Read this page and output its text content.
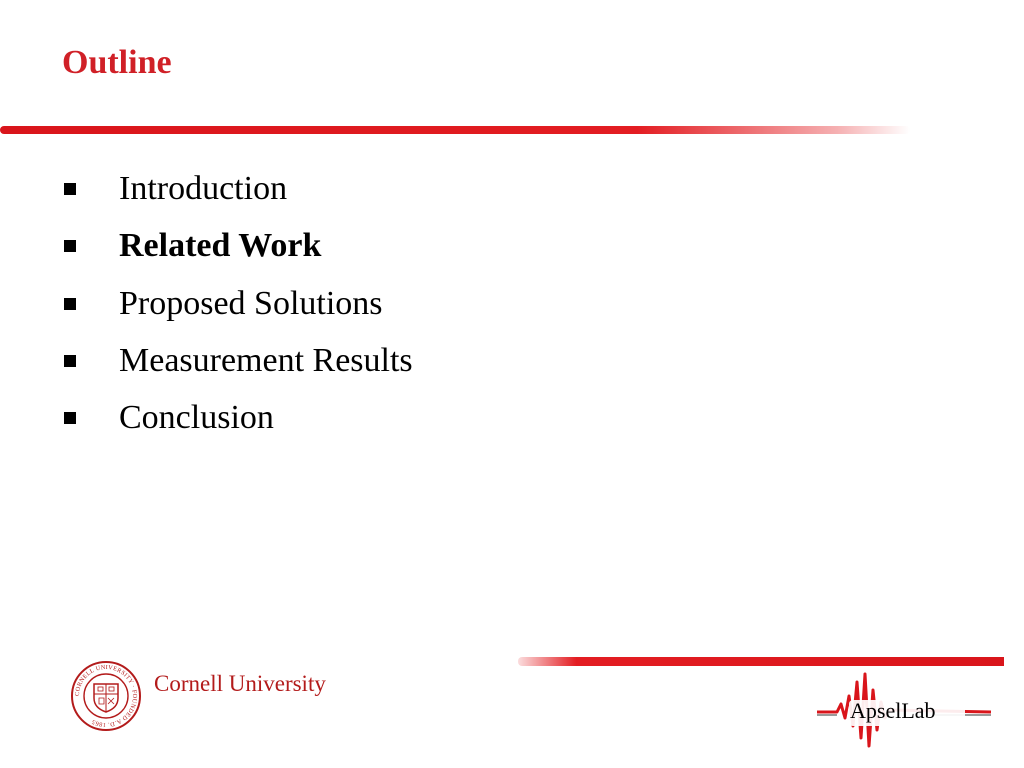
Outline
Introduction
Related Work
Proposed Solutions
Measurement Results
Conclusion
CORNELL UNIVERSITY · FOUNDED A.D. 1865
Cornell University
ApselLab
